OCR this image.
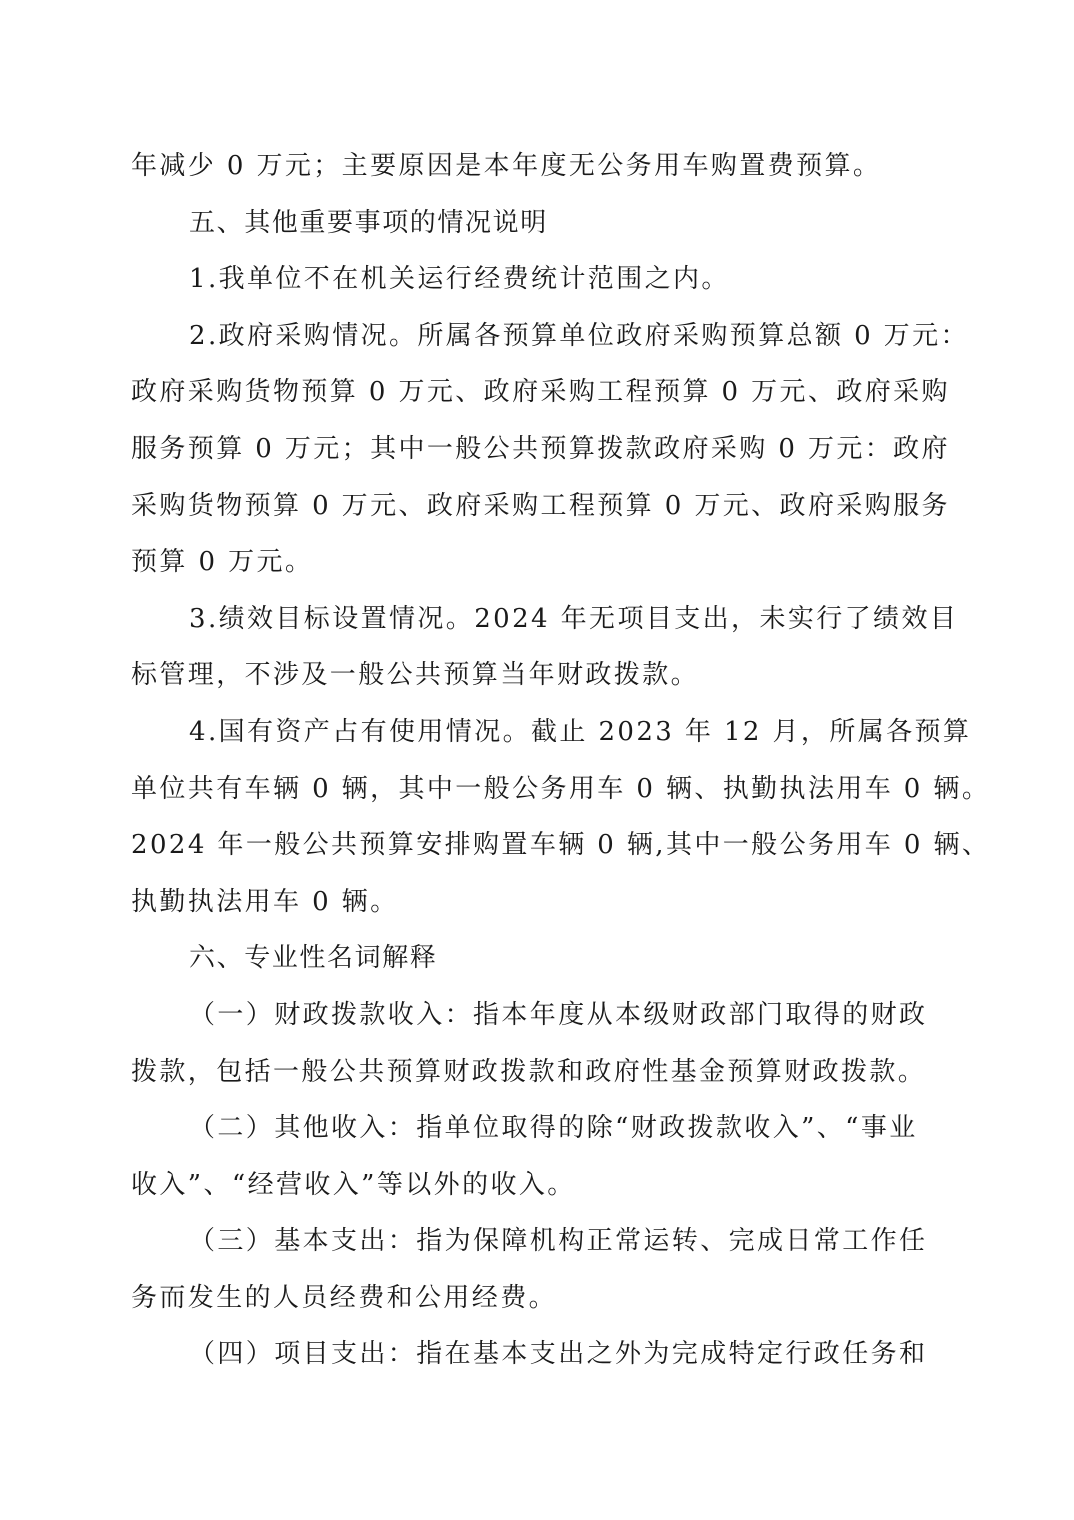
年减少 0 万元；主要原因是本年度无公务用车购置费预算。
五、其他重要事项的情况说明
1.我单位不在机关运行经费统计范围之内。
2.政府采购情况。所属各预算单位政府采购预算总额 0 万元：
政府采购货物预算 0 万元、政府采购工程预算 0 万元、政府采购
服务预算 0 万元；其中一般公共预算拨款政府采购 0 万元：政府
采购货物预算 0 万元、政府采购工程预算 0 万元、政府采购服务
预算 0 万元。
3.绩效目标设置情况。2024 年无项目支出，未实行了绩效目
标管理，不涉及一般公共预算当年财政拨款。
4.国有资产占有使用情况。截止 2023 年 12 月，所属各预算
单位共有车辆 0 辆，其中一般公务用车 0 辆、执勤执法用车 0 辆。
2024 年一般公共预算安排购置车辆 0 辆,其中一般公务用车 0 辆、
执勤执法用车 0 辆。
六、专业性名词解释
（一）财政拨款收入：指本年度从本级财政部门取得的财政
拨款，包括一般公共预算财政拨款和政府性基金预算财政拨款。
（二）其他收入：指单位取得的除“财政拨款收入”、“事业
收入”、“经营收入”等以外的收入。
（三）基本支出：指为保障机构正常运转、完成日常工作任
务而发生的人员经费和公用经费。
（四）项目支出：指在基本支出之外为完成特定行政任务和
